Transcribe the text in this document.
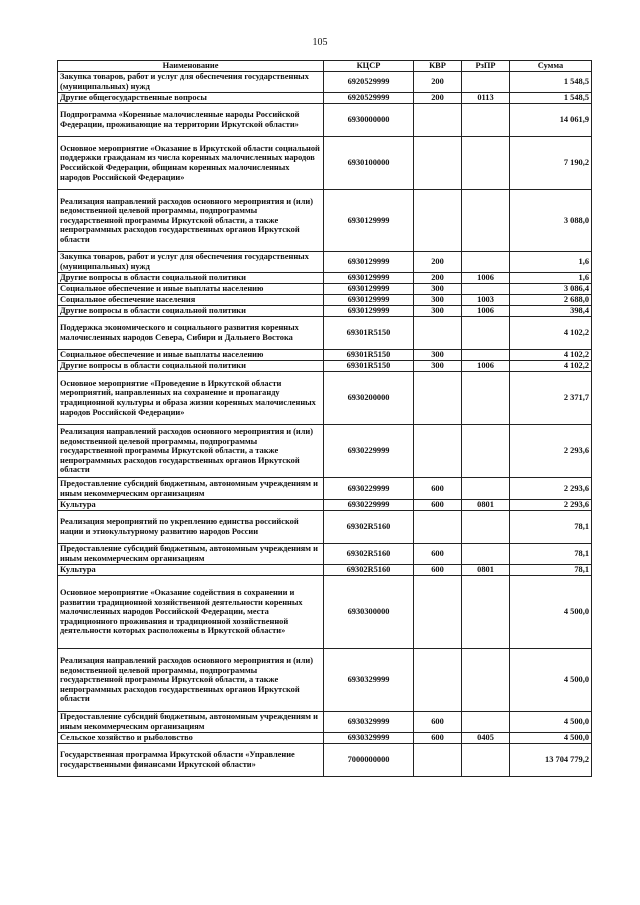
105
Наименование	КЦСР	КВР	РзПР	Сумма
Закупка товаров, работ и услуг для обеспечения государственных (муниципальных) нужд	6920529999	200		1 548,5
Другие общегосударственные вопросы	6920529999	200	0113	1 548,5
Подпрограмма «Коренные малочисленные народы Российской Федерации, проживающие на территории Иркутской области»	6930000000			14 061,9
Основное мероприятие «Оказание в Иркутской области социальной поддержки гражданам из числа коренных малочисленных народов Российской Федерации, общинам коренных малочисленных народов Российской Федерации»	6930100000			7 190,2
Реализация направлений расходов основного мероприятия и (или) ведомственной целевой программы, подпрограммы государственной программы Иркутской области, а также непрограммных расходов государственных органов Иркутской области	6930129999			3 088,0
Закупка товаров, работ и услуг для обеспечения государственных (муниципальных) нужд	6930129999	200		1,6
Другие вопросы в области социальной политики	6930129999	200	1006	1,6
Социальное обеспечение и иные выплаты населению	6930129999	300		3 086,4
Социальное обеспечение населения	6930129999	300	1003	2 688,0
Другие вопросы в области социальной политики	6930129999	300	1006	398,4
Поддержка экономического и социального развития коренных малочисленных народов Севера, Сибири и Дальнего Востока	69301R5150			4 102,2
Социальное обеспечение и иные выплаты населению	69301R5150	300		4 102,2
Другие вопросы в области социальной политики	69301R5150	300	1006	4 102,2
Основное мероприятие «Проведение в Иркутской области мероприятий, направленных на сохранение и пропаганду традиционной культуры и образа жизни коренных малочисленных народов Российской Федерации»	6930200000			2 371,7
Реализация направлений расходов основного мероприятия и (или) ведомственной целевой программы, подпрограммы государственной программы Иркутской области, а также непрограммных расходов государственных органов Иркутской области	6930229999			2 293,6
Предоставление субсидий бюджетным, автономным учреждениям и иным некоммерческим организациям	6930229999	600		2 293,6
Культура	6930229999	600	0801	2 293,6
Реализация мероприятий по укреплению единства российской нации и этнокультурному развитию народов России	69302R5160			78,1
Предоставление субсидий бюджетным, автономным учреждениям и иным некоммерческим организациям	69302R5160	600		78,1
Культура	69302R5160	600	0801	78,1
Основное мероприятие «Оказание содействия в сохранении и развитии традиционной хозяйственной деятельности коренных малочисленных народов Российской Федерации, места традиционного проживания и традиционной хозяйственной деятельности которых расположены в Иркутской области»	6930300000			4 500,0
Реализация направлений расходов основного мероприятия и (или) ведомственной целевой программы, подпрограммы государственной программы Иркутской области, а также непрограммных расходов государственных органов Иркутской области	6930329999			4 500,0
Предоставление субсидий бюджетным, автономным учреждениям и иным некоммерческим организациям	6930329999	600		4 500,0
Сельское хозяйство и рыболовство	6930329999	600	0405	4 500,0
Государственная программа Иркутской области «Управление государственными финансами Иркутской области»	7000000000			13 704 779,2
